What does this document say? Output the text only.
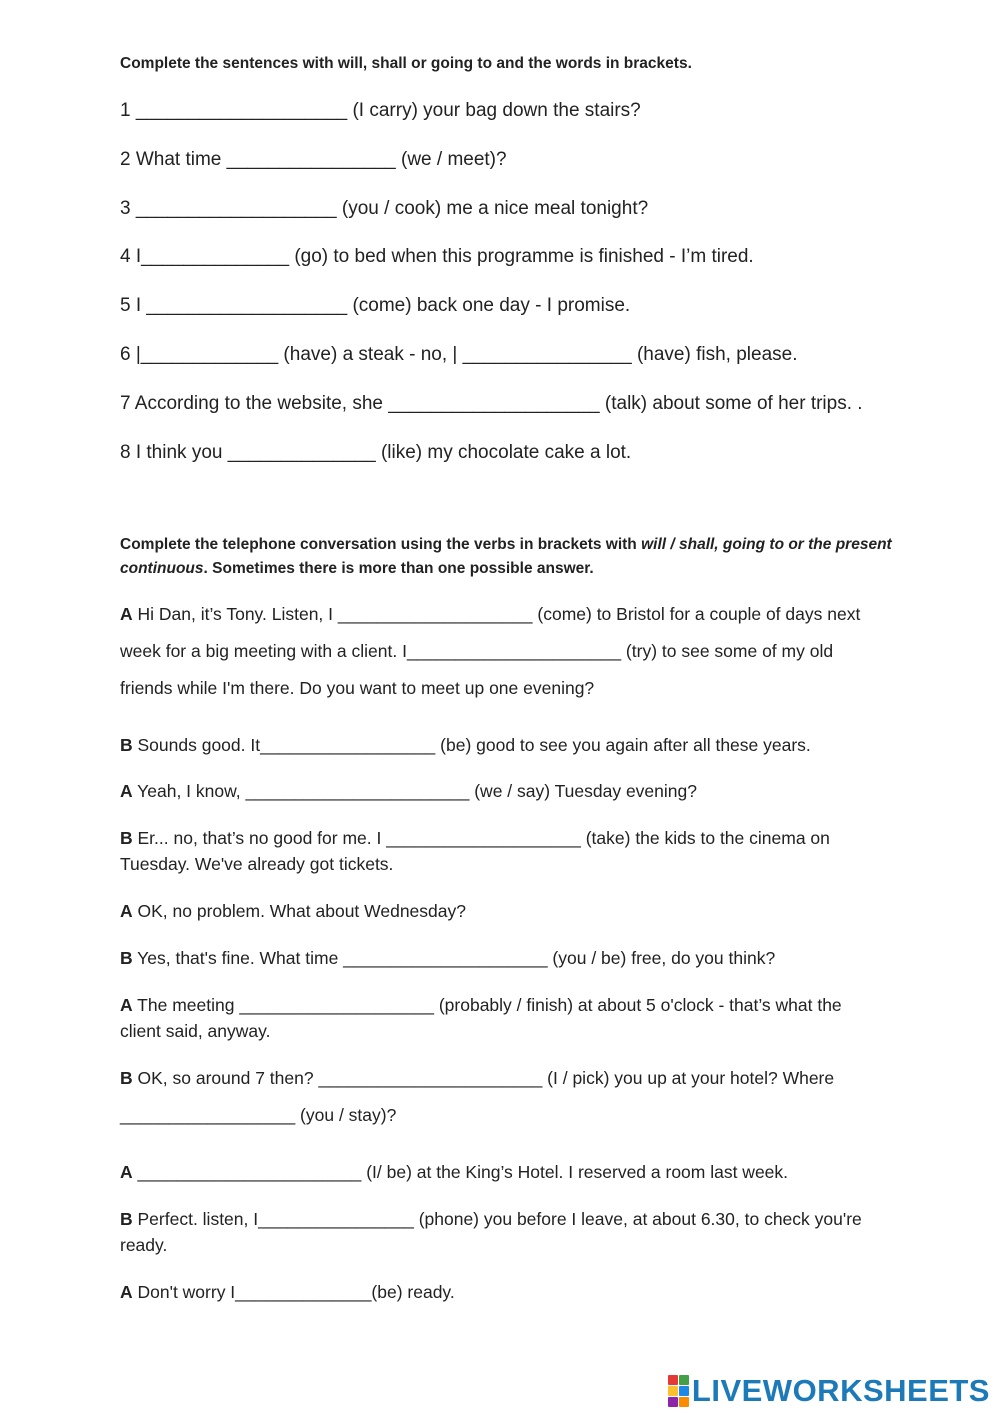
Complete the sentences with will, shall or going to and the words in brackets.
1 ____________________ (I carry) your bag down the stairs?
2 What time ________________ (we / meet)?
3 ___________________ (you / cook) me a nice meal tonight?
4 I______________ (go) to bed when this programme is finished - I’m tired.
5 I ___________________ (come) back one day - I promise.
6 |_____________ (have) a steak - no, | ________________ (have) fish, please.
7 According to the website, she ____________________ (talk) about some of her trips. .
8 I think you ______________ (like) my chocolate cake a lot.
Complete the telephone conversation using the verbs in brackets with will / shall, going to or the present continuous. Sometimes there is more than one possible answer.
A Hi Dan, it’s Tony. Listen, I ____________________ (come) to Bristol for a couple of days next
week for a big meeting with a client. I______________________ (try) to see some of my old
friends while I'm there. Do you want to meet up one evening?
B Sounds good. It__________________ (be) good to see you again after all these years.
A Yeah, I know, _______________________ (we / say) Tuesday evening?
B Er... no, that’s no good for me. I ____________________ (take) the kids to the cinema on
Tuesday. We've already got tickets.
A OK, no problem. What about Wednesday?
B Yes, that's fine. What time _____________________ (you / be) free, do you think?
A The meeting ____________________ (probably / finish) at about 5 o'clock - that’s what the
client said, anyway.
B OK, so around 7 then? _______________________ (I / pick) you up at your hotel? Where
__________________ (you / stay)?
A _______________________ (I/ be) at the King’s Hotel. I reserved a room last week.
B Perfect. listen, I________________ (phone) you before I leave, at about 6.30, to check you're
ready.
A Don't worry I______________(be) ready.
LIVEWORKSHEETS
